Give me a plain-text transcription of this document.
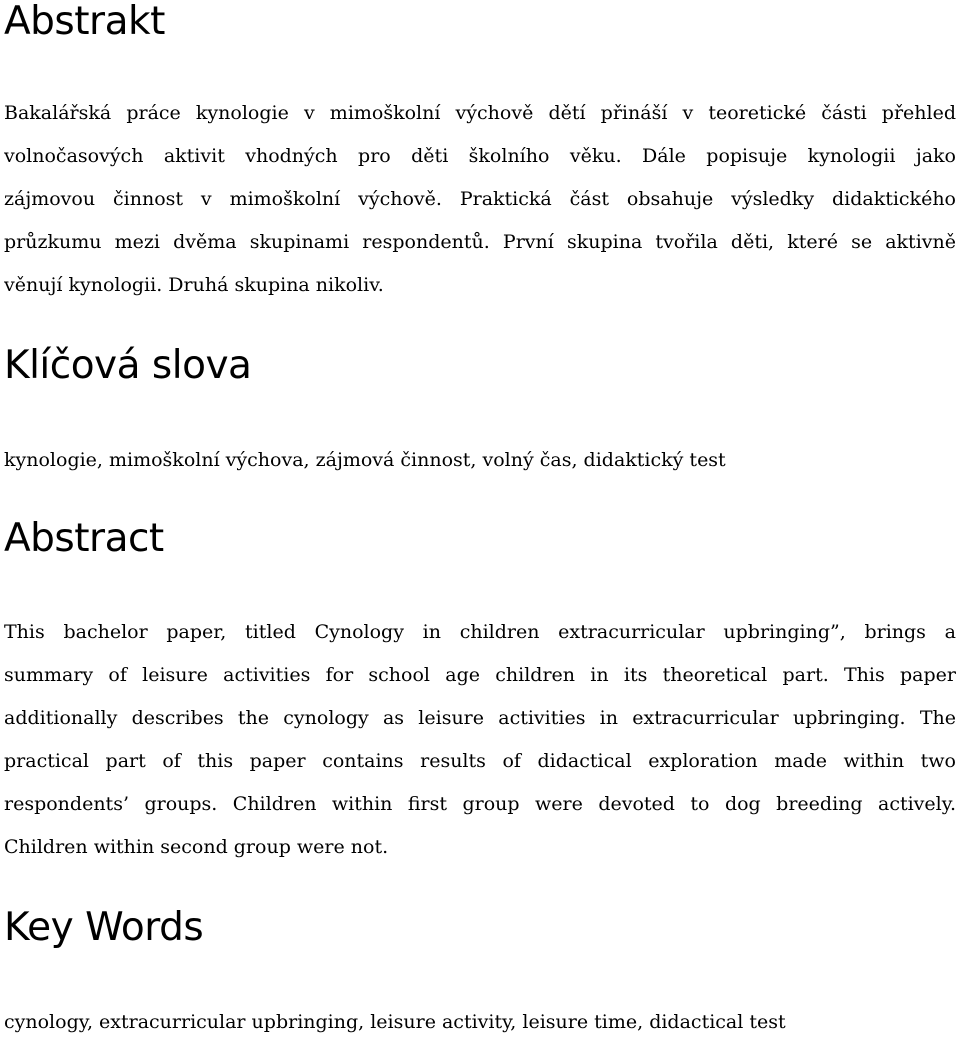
Abstrakt
Bakalářská práce kynologie v mimoškolní výchově dětí přináší v teoretické části přehled
volnočasových aktivit vhodných pro děti školního věku. Dále popisuje kynologii jako
zájmovou činnost v mimoškolní výchově. Praktická část obsahuje výsledky didaktického
průzkumu mezi dvěma skupinami respondentů. První skupina tvořila děti, které se aktivně
věnují kynologii. Druhá skupina nikoliv.
Klíčová slova

kynologie, mimoškolní výchova, zájmová činnost, volný čas, didaktický test

Abstract
This bachelor paper, titled Cynology in children extracurricular upbringing”, brings a
summary of leisure activities for school age children in its theoretical part. This paper
additionally describes the cynology as leisure activities in extracurricular upbringing. The
practical part of this paper contains results of didactical exploration made within two
respondents’ groups. Children within first group were devoted to dog breeding actively.
Children within second group were not.
Key Words

cynology, extracurricular upbringing, leisure activity, leisure time, didactical test
